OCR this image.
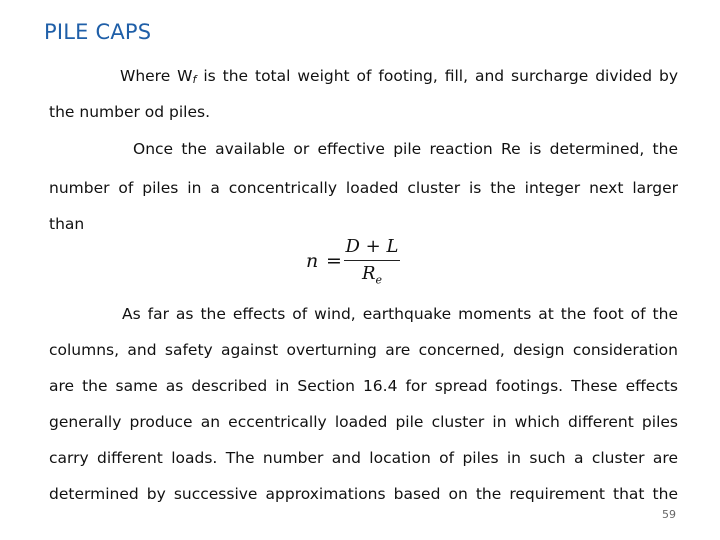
PILE CAPS

Where Wf is the total weight of footing, fill, and surcharge divided by

the number od piles.

Once the available or effective pile reaction Re is determined, the

number of piles in a concentrically loaded cluster is the integer next larger

than

n =
D + L
$R_e$

As far as the effects of wind, earthquake moments at the foot of the

columns, and safety against overturning are concerned, design consideration

are the same as described in Section 16.4 for spread footings. These effects

generally produce an eccentrically loaded pile cluster in which different piles

carry different loads. The number and location of piles in such a cluster are

determined by successive approximations based on the requirement that the

59
